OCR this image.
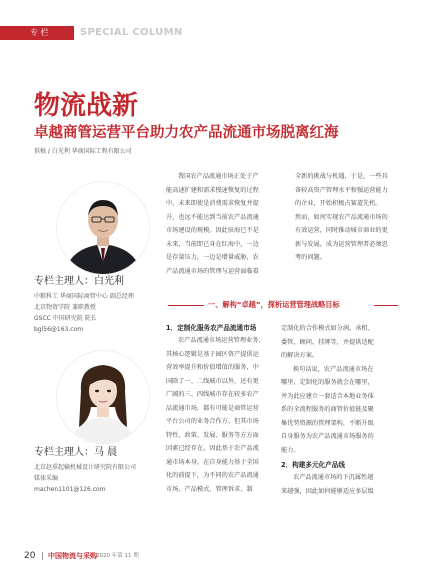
专 栏	SPECIAL COLUMN
物流战新
卓越商管运营平台助力农产品流通市场脱离红海
供稿 / 白光利 华商国际工程有限公司
专栏主理人：白光利
中粮科工 华商国际商管中心 副总经理
北京物资学院 兼职教授
GSCC 中国研究院 院长
bgl56@163.com
专栏主理人：马 晨
北京赵重起输机械设计研究院有限公司
媒体采编
machen1101@126.com
我国农产品流通市场正处于产
能高速扩建和需求慢速恢复的过程
中。未来即使是消费需求恢复并提
升，也远不能达到当前农产品流通
市场建设的规模。因此驻海已不是
未来，当前即已身在红海中，一边
是存量压力，一边是增量威胁，农
产品流通市场的管理与运营面临着
全新的挑战与机遇，于是，一些具
备较高资产管理水平和强运营能力
的企业，开始积极占赛道先机。
然而，如何实现农产品流通市场的
有效运营，同时推动城市商业的更
新与发展，成为运营管理者必须思
考的问题。
一、解构“卓越”，探析运营管理战略目标
1．定制化服务农产品流通市场
农产品流通市场运营管理业务，
其核心逻辑是基于园区资产提供运
营效率提升和价值增值的服务，中
国除了一、二线城市以外，还有更
广阔的三、四线城市存在较多农产
品流通市场，都有可能是商管运营
平台公司的业务合作方。但其市场
特性、政策、发展、服务等方方面
因素已经存在。因此基于农产品流
通市场本身，在自身能力基于全国
化的前提下，为不同的农产品流通
市场、产品模式、管理诉求，制
定制化的合作模式如分润、承租、
委管、顾问、挂牌等，并提供适配
的解决方案。
换句话说，农产品流通市场在
哪里，定制化的服务就会在哪里，
并为此应建立一套适合本地业务体
系的全流程服务的商管价值链及聚
集优势资源的管理架构，不断升级
自身服务为农产品流通市场服务的
能力。
2．构建多元化产品线
农产品流通市场的下沉属性越
来越强，因此如何能够适应多层级
20 中国物流与采购 2020 年第 11 期
